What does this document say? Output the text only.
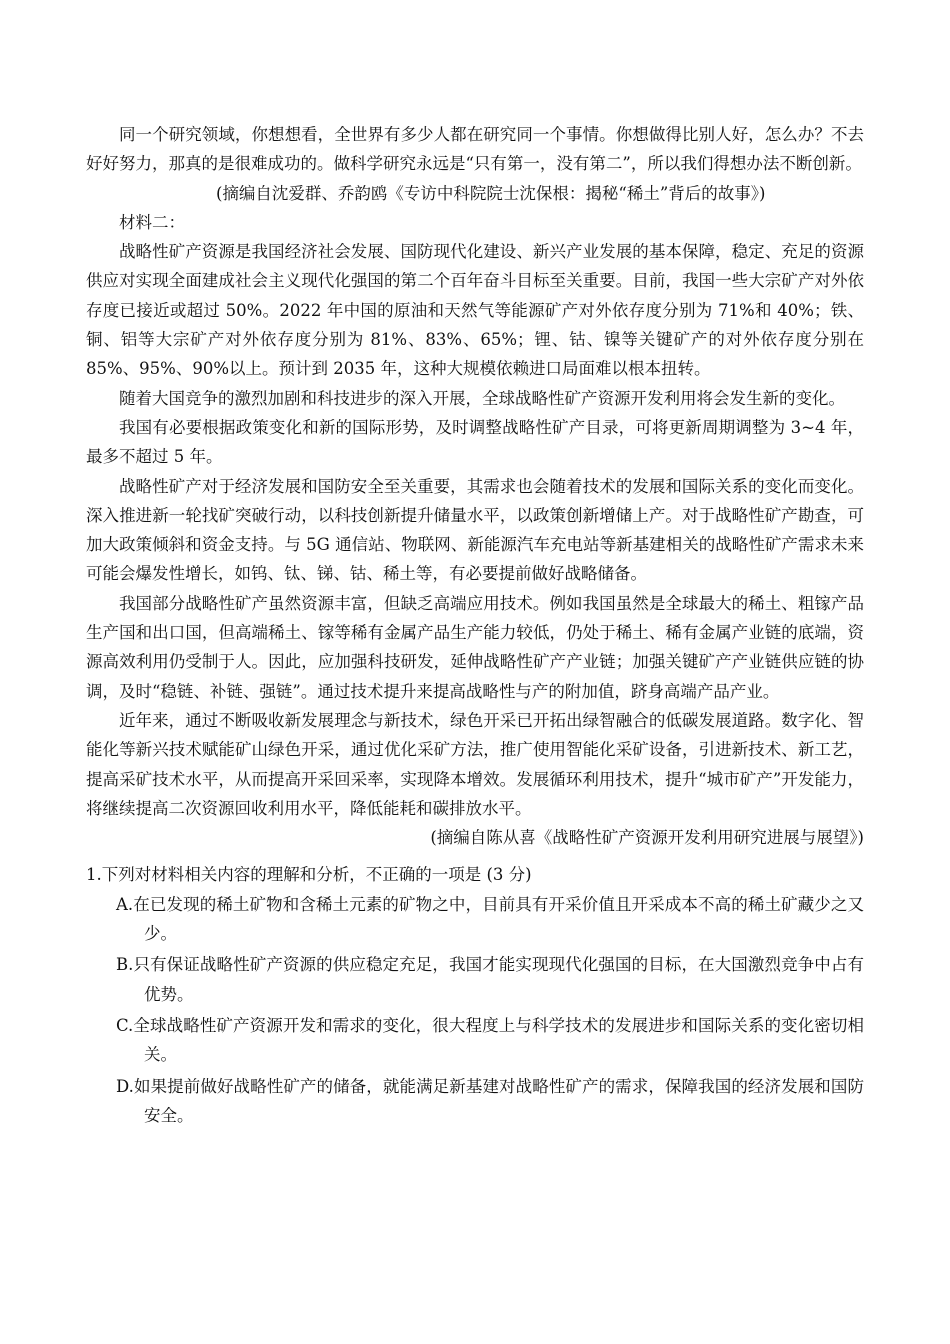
同一个研究领域，你想想看，全世界有多少人都在研究同一个事情。你想做得比别人好，怎么办？不去好好努力，那真的是很难成功的。做科学研究永远是“只有第一，没有第二”，所以我们得想办法不断创新。

(摘编自沈爱群、乔韵鸥《专访中科院院士沈保根：揭秘“稀土”背后的故事》)

材料二：

战略性矿产资源是我国经济社会发展、国防现代化建设、新兴产业发展的基本保障，稳定、充足的资源供应对实现全面建成社会主义现代化强国的第二个百年奋斗目标至关重要。目前，我国一些大宗矿产对外依存度已接近或超过 50%。2022 年中国的原油和天然气等能源矿产对外依存度分别为 71%和 40%；铁、铜、铝等大宗矿产对外依存度分别为 81%、83%、65%；锂、钴、镍等关键矿产的对外依存度分别在 85%、95%、90%以上。预计到 2035 年，这种大规模依赖进口局面难以根本扭转。

随着大国竞争的激烈加剧和科技进步的深入开展，全球战略性矿产资源开发利用将会发生新的变化。

我国有必要根据政策变化和新的国际形势，及时调整战略性矿产目录，可将更新周期调整为 3~4 年，最多不超过 5 年。

战略性矿产对于经济发展和国防安全至关重要，其需求也会随着技术的发展和国际关系的变化而变化。深入推进新一轮找矿突破行动，以科技创新提升储量水平，以政策创新增储上产。对于战略性矿产勘查，可加大政策倾斜和资金支持。与 5G 通信站、物联网、新能源汽车充电站等新基建相关的战略性矿产需求未来可能会爆发性增长，如钨、钛、锑、钴、稀土等，有必要提前做好战略储备。

我国部分战略性矿产虽然资源丰富，但缺乏高端应用技术。例如我国虽然是全球最大的稀土、粗镓产品生产国和出口国，但高端稀土、镓等稀有金属产品生产能力较低，仍处于稀土、稀有金属产业链的底端，资源高效利用仍受制于人。因此，应加强科技研发，延伸战略性矿产产业链；加强关键矿产产业链供应链的协调，及时“稳链、补链、强链”。通过技术提升来提高战略性与产的附加值，跻身高端产品产业。

近年来，通过不断吸收新发展理念与新技术，绿色开采已开拓出绿智融合的低碳发展道路。数字化、智能化等新兴技术赋能矿山绿色开采，通过优化采矿方法，推广使用智能化采矿设备，引进新技术、新工艺，提高采矿技术水平，从而提高开采回采率，实现降本增效。发展循环利用技术，提升“城市矿产”开发能力，将继续提高二次资源回收利用水平，降低能耗和碳排放水平。

(摘编自陈从喜《战略性矿产资源开发利用研究进展与展望》)

1.下列对材料相关内容的理解和分析，不正确的一项是 (3 分)

A.在已发现的稀土矿物和含稀土元素的矿物之中，目前具有开采价值且开采成本不高的稀土矿藏少之又少。
B.只有保证战略性矿产资源的供应稳定充足，我国才能实现现代化强国的目标，在大国激烈竞争中占有优势。
C.全球战略性矿产资源开发和需求的变化，很大程度上与科学技术的发展进步和国际关系的变化密切相关。
D.如果提前做好战略性矿产的储备，就能满足新基建对战略性矿产的需求，保障我国的经济发展和国防安全。
